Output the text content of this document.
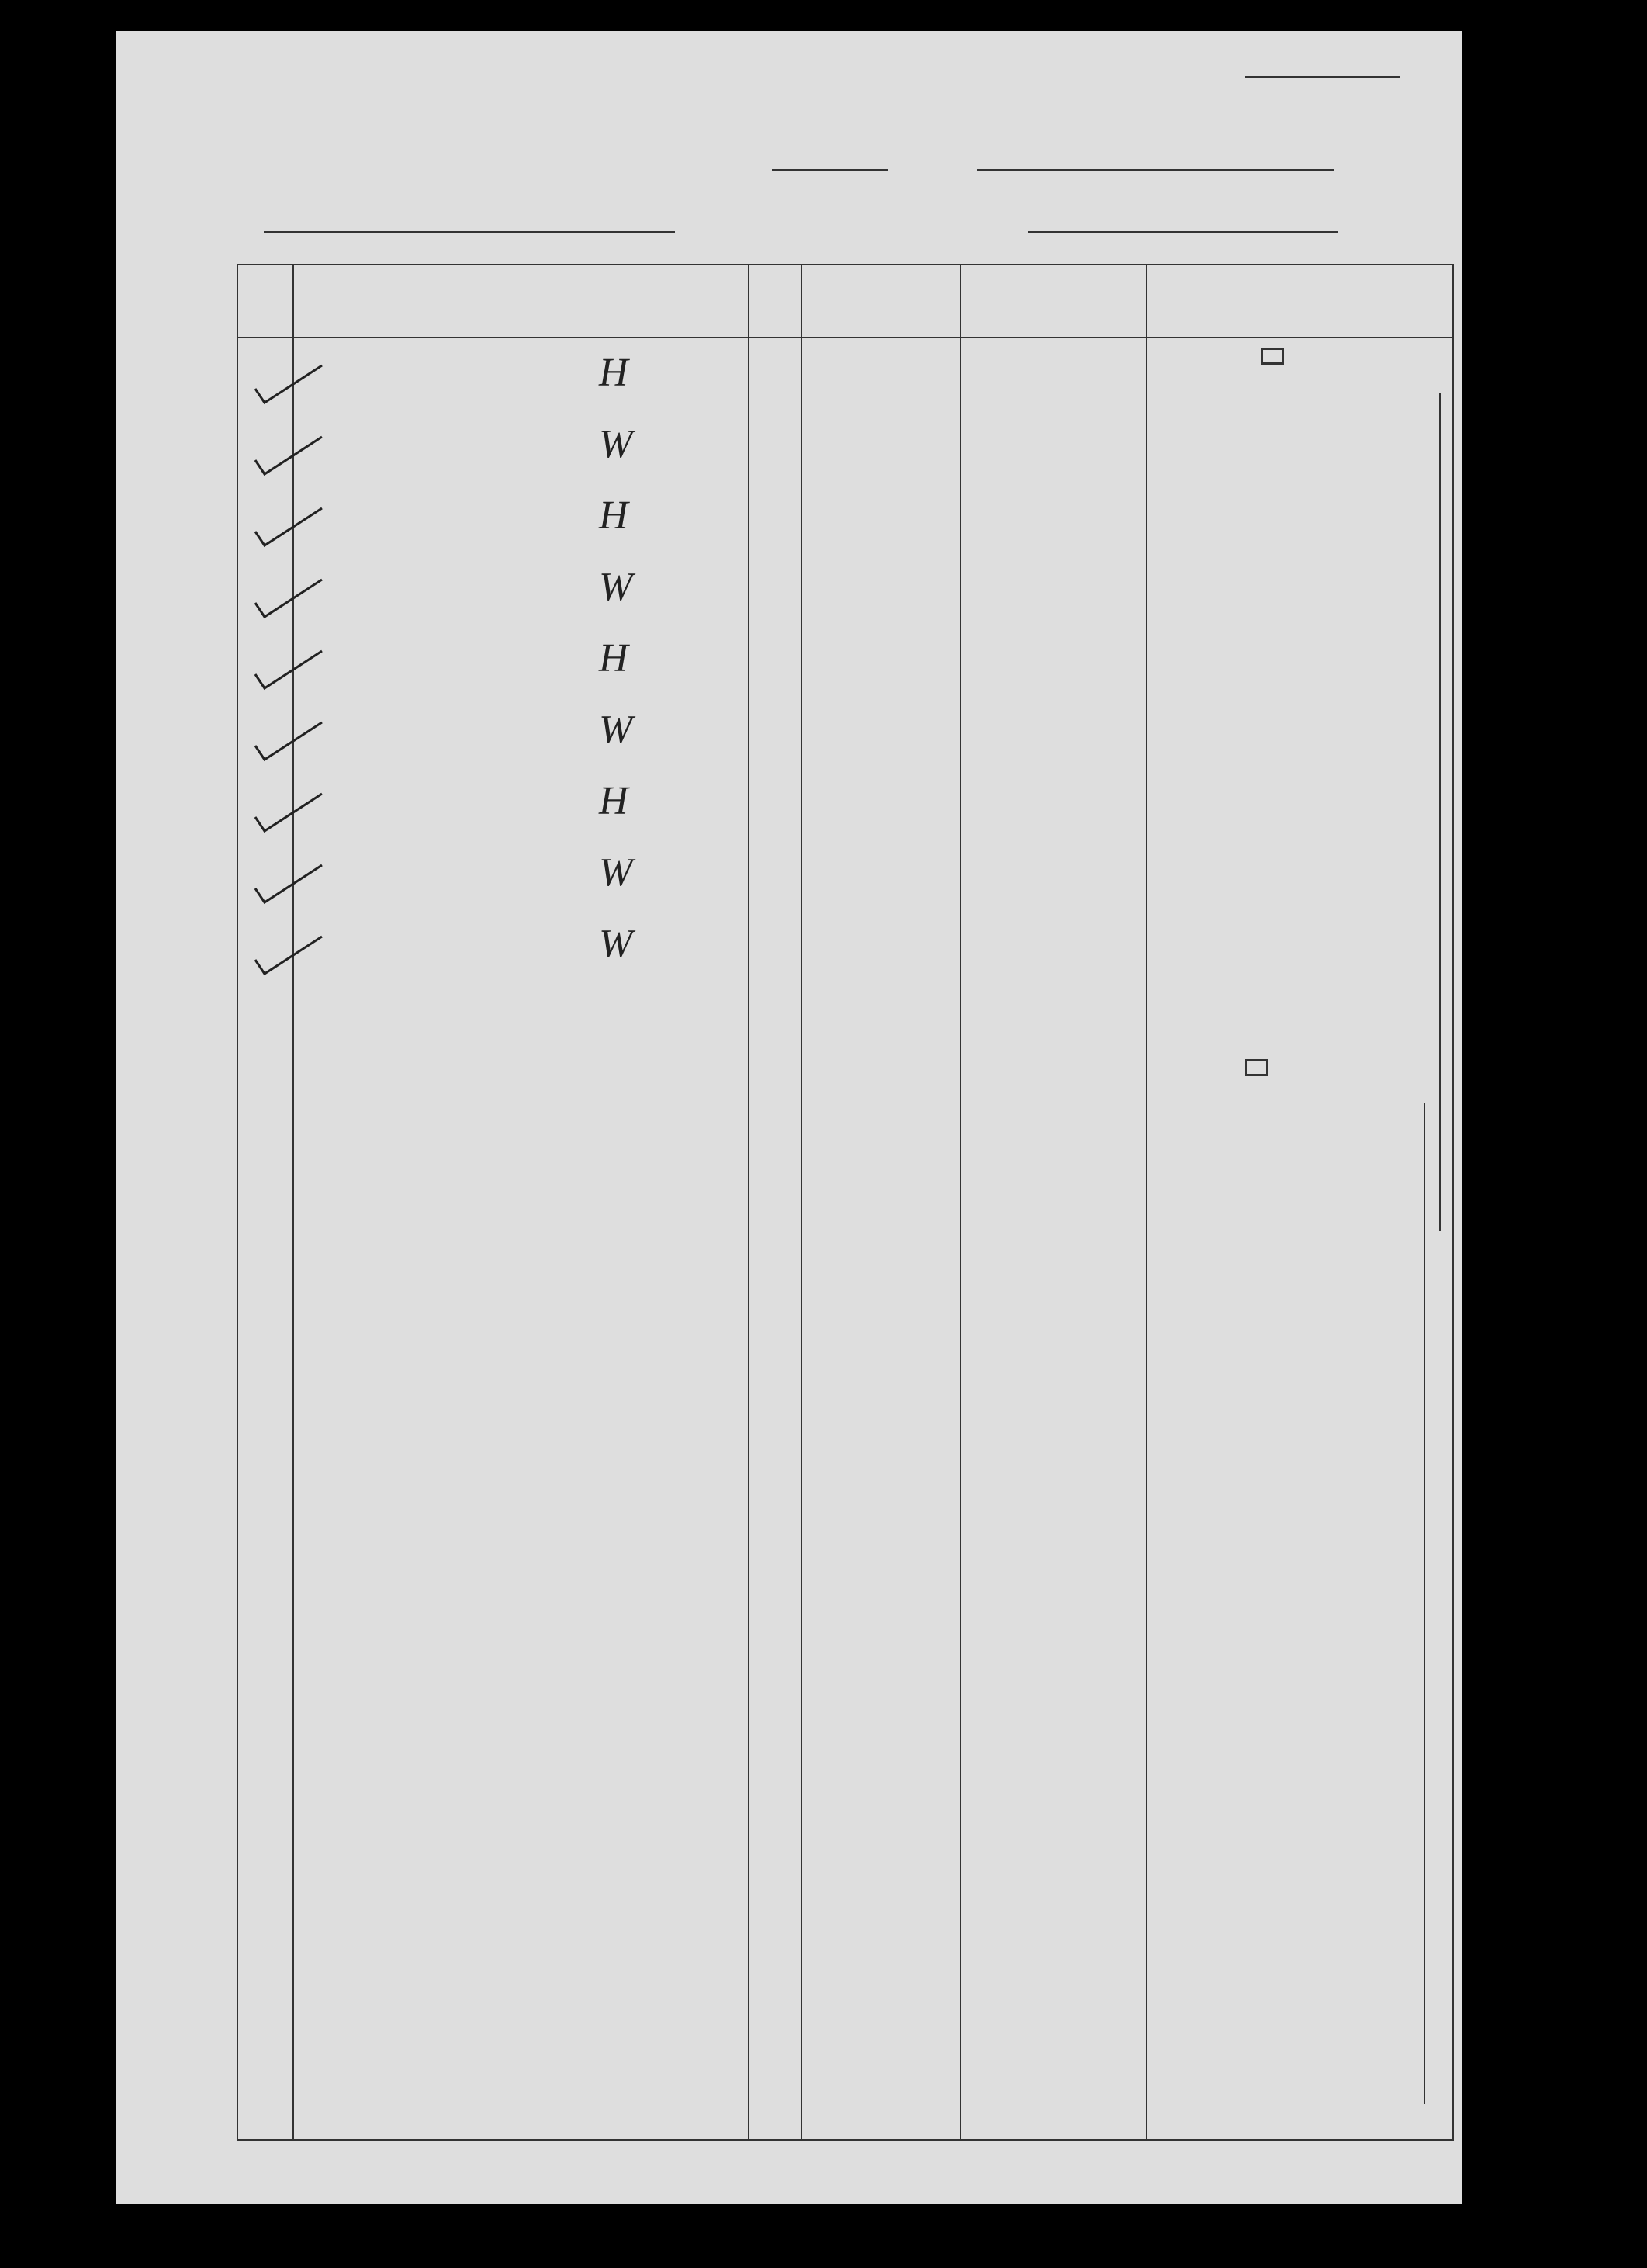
H
W
H
W
H
W
H
W
W
